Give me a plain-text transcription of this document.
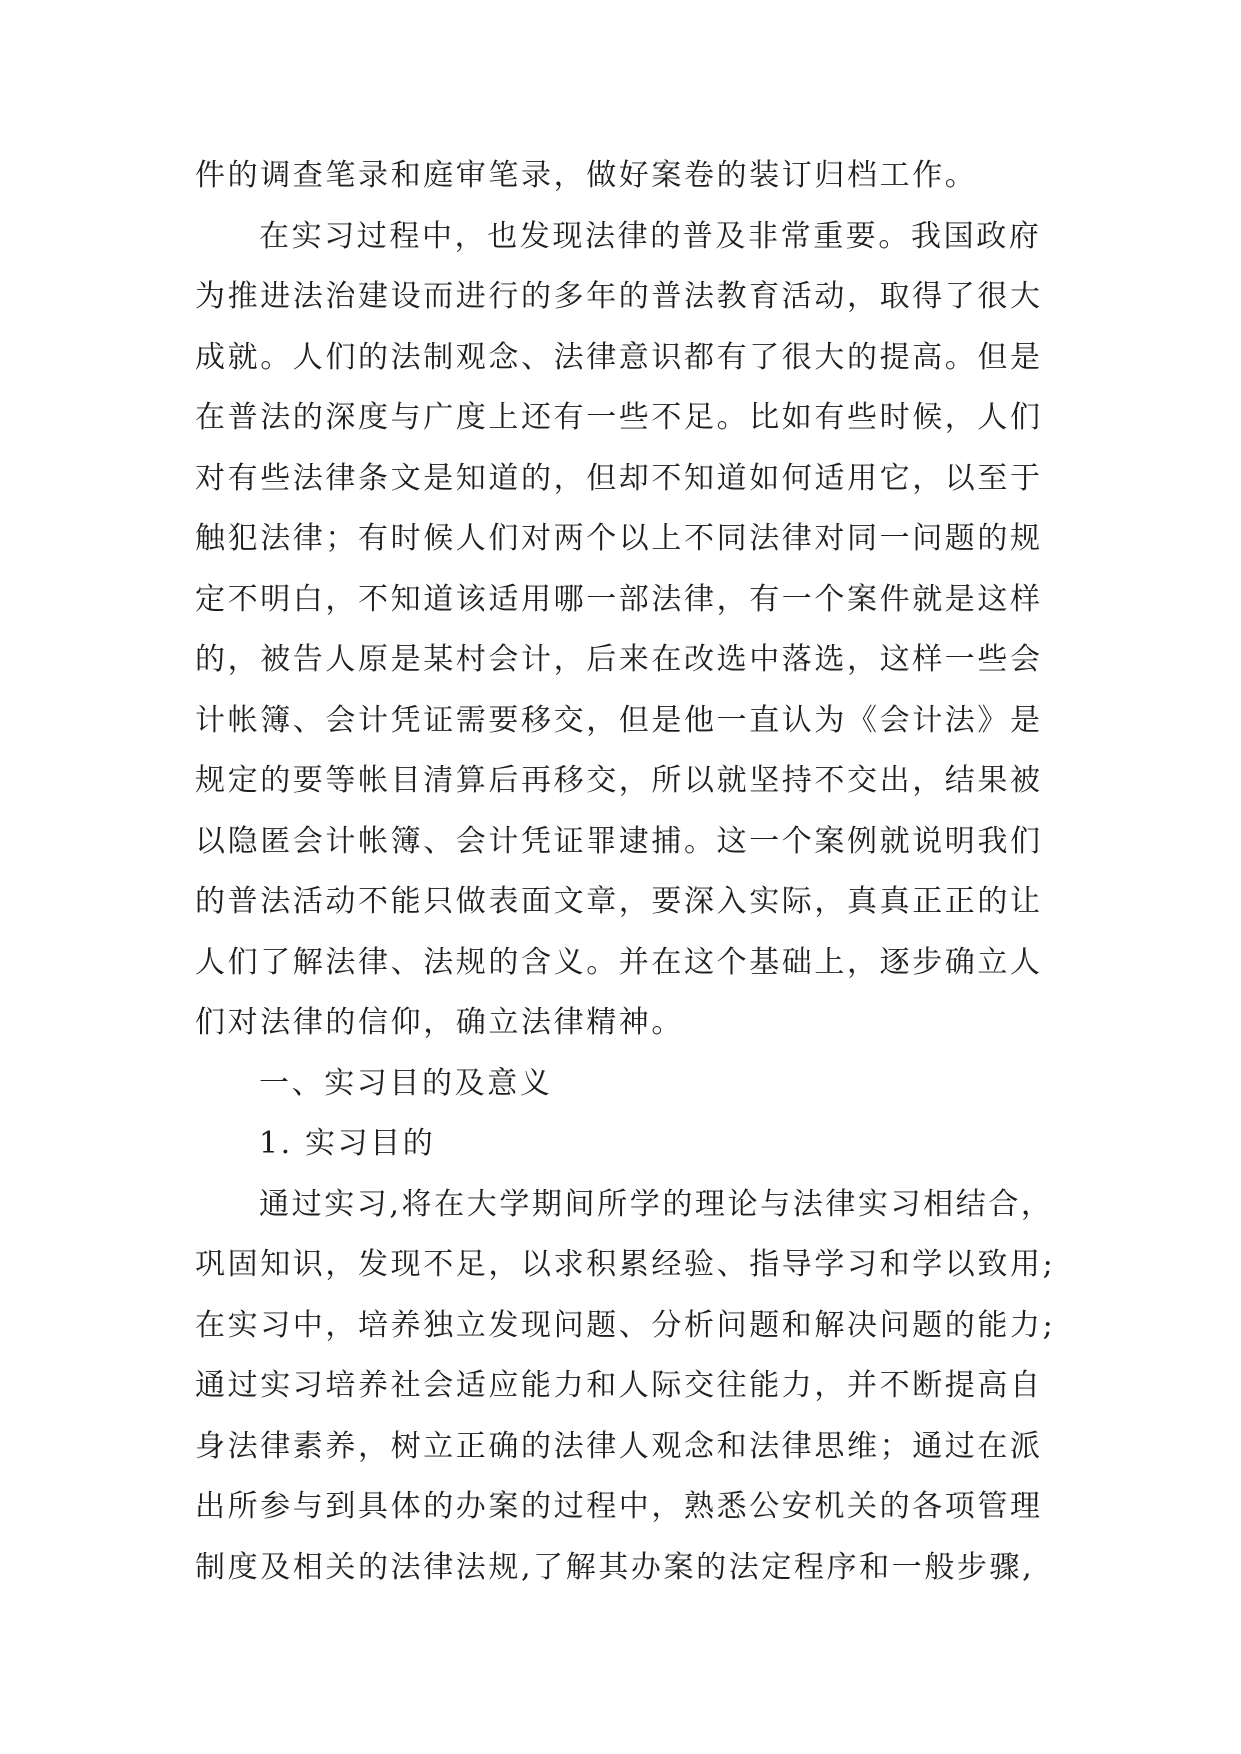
件的调查笔录和庭审笔录，做好案卷的装订归档工作。
在实习过程中，也发现法律的普及非常重要。我国政府
为推进法治建设而进行的多年的普法教育活动，取得了很大
成就。人们的法制观念、法律意识都有了很大的提高。但是
在普法的深度与广度上还有一些不足。比如有些时候，人们
对有些法律条文是知道的，但却不知道如何适用它，以至于
触犯法律；有时候人们对两个以上不同法律对同一问题的规
定不明白，不知道该适用哪一部法律，有一个案件就是这样
的，被告人原是某村会计，后来在改选中落选，这样一些会
计帐簿、会计凭证需要移交，但是他一直认为《会计法》是
规定的要等帐目清算后再移交，所以就坚持不交出，结果被
以隐匿会计帐簿、会计凭证罪逮捕。这一个案例就说明我们
的普法活动不能只做表面文章，要深入实际，真真正正的让
人们了解法律、法规的含义。并在这个基础上，逐步确立人
们对法律的信仰，确立法律精神。
一、实习目的及意义
1. 实习目的
通过实习,将在大学期间所学的理论与法律实习相结合，
巩固知识，发现不足，以求积累经验、指导学习和学以致用;
在实习中，培养独立发现问题、分析问题和解决问题的能力;
通过实习培养社会适应能力和人际交往能力，并不断提高自
身法律素养，树立正确的法律人观念和法律思维；通过在派
出所参与到具体的办案的过程中，熟悉公安机关的各项管理
制度及相关的法律法规,了解其办案的法定程序和一般步骤,
